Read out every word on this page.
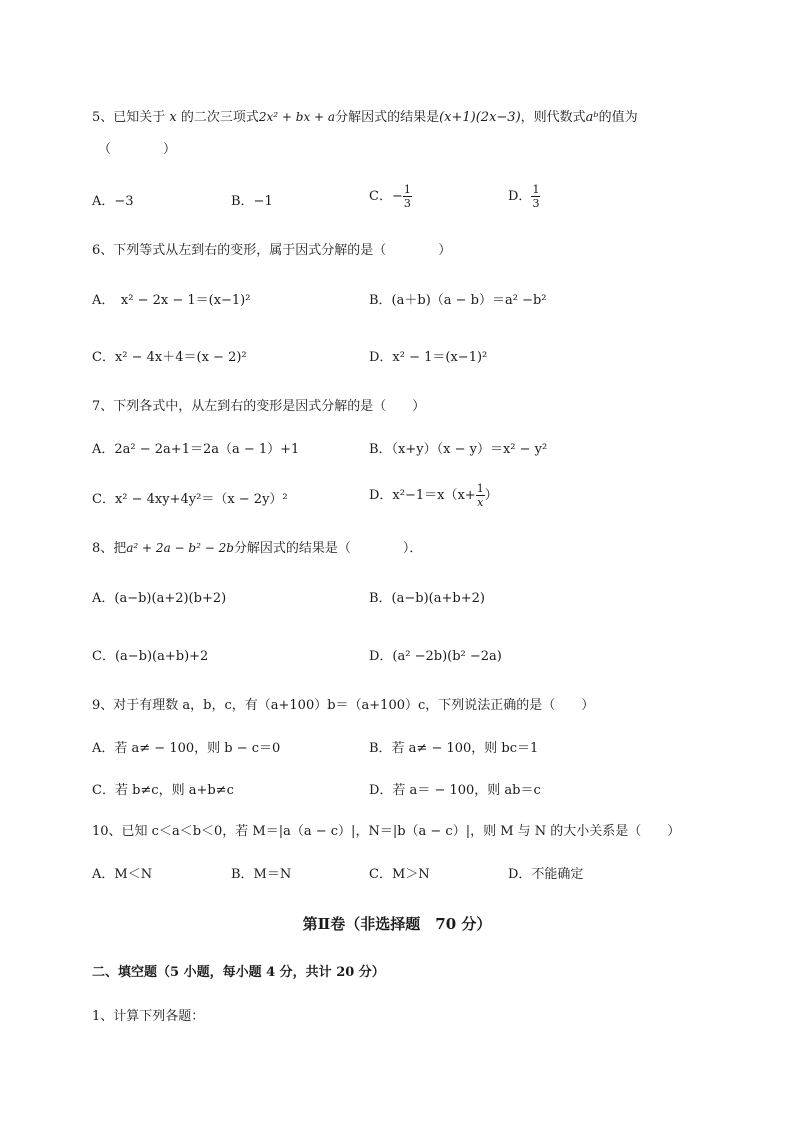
5、已知关于 x 的二次三项式2x² + bx + a分解因式的结果是(x+1)(2x−3)，则代数式aᵇ的值为
（　　　　）
A．−3	B．−1	C．− $\frac{1}{3}$	D． $\frac{1}{3}$
6、下列等式从左到右的变形，属于因式分解的是（　　　　）
A．　x² − 2x − 1＝(x−1)²	B．(a＋b)（a − b）＝a² −b²
C．x² − 4x＋4＝(x − 2)²	D．x² − 1＝(x−1)²
7、下列各式中，从左到右的变形是因式分解的是（　　）
A．2a² − 2a+1＝2a（a − 1）+1	B．（x+y）（x − y）＝x² − y²
C．x² − 4xy+4y²＝（x − 2y）²	D．$x^2-1=x(x+ \frac{1}{x}$ ）
8、把a² + 2a − b² − 2b分解因式的结果是（　　　　）．
A．(a−b)(a+2)(b+2)	B．(a−b)(a+b+2)
C．(a−b)(a+b)+2	D．(a² −2b)(b² −2a)
9、对于有理数 a，b，c，有（a+100）b＝（a+100）c，下列说法正确的是（　　）
A．若 a≠ − 100，则 b − c＝0	B．若 a≠ − 100，则 bc＝1
C．若 b≠c，则 a+b≠c	D．若 a＝ − 100，则 ab＝c
10、已知 c＜a＜b＜0，若 M＝|a（a − c）|，N＝|b（a − c）|，则 M 与 N 的大小关系是（　　）
A．M＜N	B．M＝N	C．M＞N	D．不能确定
第Ⅱ卷（非选择题　70 分）
二、填空题（5 小题，每小题 4 分，共计 20 分）
1、计算下列各题：
